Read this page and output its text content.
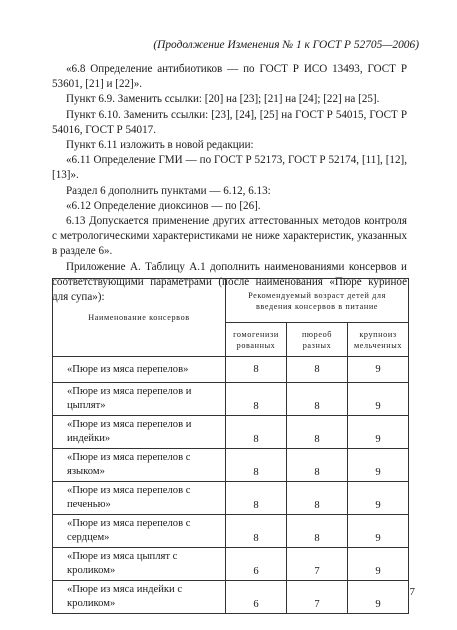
(Продолжение Изменения № 1 к ГОСТ Р 52705—2006)

«6.8 Определение антибиотиков — по ГОСТ Р ИСО 13493, ГОСТ Р 53601, [21] и [22]».

Пункт 6.9. Заменить ссылки: [20] на [23]; [21] на [24]; [22] на [25].

Пункт 6.10. Заменить ссылки: [23], [24], [25] на ГОСТ Р 54015, ГОСТ Р 54016, ГОСТ Р 54017.

Пункт 6.11 изложить в новой редакции:

«6.11 Определение ГМИ — по ГОСТ Р 52173, ГОСТ Р 52174, [11], [12], [13]».

Раздел 6 дополнить пунктами — 6.12, 6.13:

«6.12 Определение диоксинов — по [26].

6.13 Допускается применение других аттестованных методов контроля с метрологическими характеристиками не ниже характеристик, указанных в разделе 6».

Приложение А. Таблицу А.1 дополнить наименованиями консервов и соответствующими параметрами (после наименования «Пюре куриное для супа»):

Наименование консервов	Рекомендуемый возраст детей для введения консервов в питание		
	гомогенизи рованных	пюреоб разных	крупноиз мельченных
«Пюре из мяса перепелов»	8	8	9
«Пюре из мяса перепелов и цыплят»	8	8	9
«Пюре из мяса перепелов и индейки»	8	8	9
«Пюре из мяса перепелов с языком»	8	8	9
«Пюре из мяса перепелов с печенью»	8	8	9
«Пюре из мяса перепелов с сердцем»	8	8	9
«Пюре из мяса цыплят с кроликом»	6	7	9
«Пюре из мяса индейки с кроликом»	6	7	9
7
